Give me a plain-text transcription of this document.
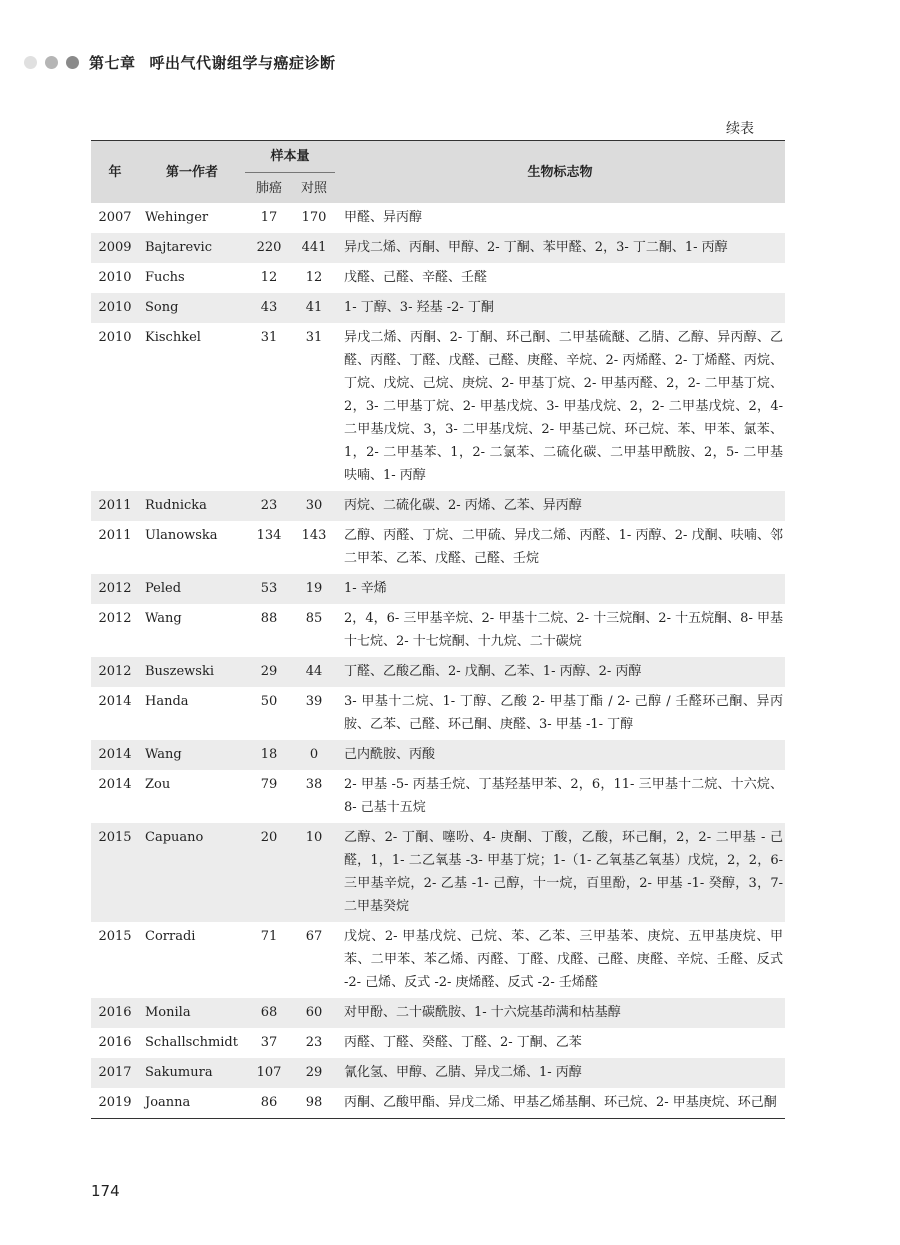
第七章 呼出气代谢组学与癌症诊断
续表
年	第一作者	样本量		生物标志物
		肺癌	对照	
2007	Wehinger	17	170	甲醛、异丙醇
2009	Bajtarevic	220	441	异戊二烯、丙酮、甲醇、2- 丁酮、苯甲醛、2，3- 丁二酮、1- 丙醇
2010	Fuchs	12	12	戊醛、己醛、辛醛、壬醛
2010	Song	43	41	1- 丁醇、3- 羟基 -2- 丁酮
2010	Kischkel	31	31	异戊二烯、丙酮、2- 丁酮、环己酮、二甲基硫醚、乙腈、乙醇、异丙醇、乙醛、丙醛、丁醛、戊醛、己醛、庚醛、辛烷、2- 丙烯醛、2- 丁烯醛、丙烷、丁烷、戊烷、己烷、庚烷、2- 甲基丁烷、2- 甲基丙醛、2，2- 二甲基丁烷、2，3- 二甲基丁烷、2- 甲基戊烷、3- 甲基戊烷、2，2- 二甲基戊烷、2，4- 二甲基戊烷、3，3- 二甲基戊烷、2- 甲基己烷、环己烷、苯、甲苯、氯苯、1，2- 二甲基苯、1，2- 二氯苯、二硫化碳、二甲基甲酰胺、2，5- 二甲基呋喃、1- 丙醇
2011	Rudnicka	23	30	丙烷、二硫化碳、2- 丙烯、乙苯、异丙醇
2011	Ulanowska	134	143	乙醇、丙醛、丁烷、二甲硫、异戊二烯、丙醛、1- 丙醇、2- 戊酮、呋喃、邻二甲苯、乙苯、戊醛、己醛、壬烷
2012	Peled	53	19	1- 辛烯
2012	Wang	88	85	2，4，6- 三甲基辛烷、2- 甲基十二烷、2- 十三烷酮、2- 十五烷酮、8- 甲基十七烷、2- 十七烷酮、十九烷、二十碳烷
2012	Buszewski	29	44	丁醛、乙酸乙酯、2- 戊酮、乙苯、1- 丙醇、2- 丙醇
2014	Handa	50	39	3- 甲基十二烷、1- 丁醇、乙酸 2- 甲基丁酯 / 2- 己醇 / 壬醛环己酮、异丙胺、乙苯、己醛、环己酮、庚醛、3- 甲基 -1- 丁醇
2014	Wang	18	0	己内酰胺、丙酸
2014	Zou	79	38	2- 甲基 -5- 丙基壬烷、丁基羟基甲苯、2，6，11- 三甲基十二烷、十六烷、8- 己基十五烷
2015	Capuano	20	10	乙醇、2- 丁酮、噻吩、4- 庚酮、丁酸，乙酸，环己酮，2，2- 二甲基 - 己醛，1，1- 二乙氧基 -3- 甲基丁烷；1-（1- 乙氧基乙氧基）戊烷，2，2，6- 三甲基辛烷，2- 乙基 -1- 己醇，十一烷，百里酚，2- 甲基 -1- 癸醇，3，7- 二甲基癸烷
2015	Corradi	71	67	戊烷、2- 甲基戊烷、己烷、苯、乙苯、三甲基苯、庚烷、五甲基庚烷、甲苯、二甲苯、苯乙烯、丙醛、丁醛、戊醛、己醛、庚醛、辛烷、壬醛、反式 -2- 己烯、反式 -2- 庚烯醛、反式 -2- 壬烯醛
2016	Monila	68	60	对甲酚、二十碳酰胺、1- 十六烷基茚满和枯基醇
2016	Schallschmidt	37	23	丙醛、丁醛、癸醛、丁醛、2- 丁酮、乙苯
2017	Sakumura	107	29	氰化氢、甲醇、乙腈、异戊二烯、1- 丙醇
2019	Joanna	86	98	丙酮、乙酸甲酯、异戊二烯、甲基乙烯基酮、环己烷、2- 甲基庚烷、环己酮
174
